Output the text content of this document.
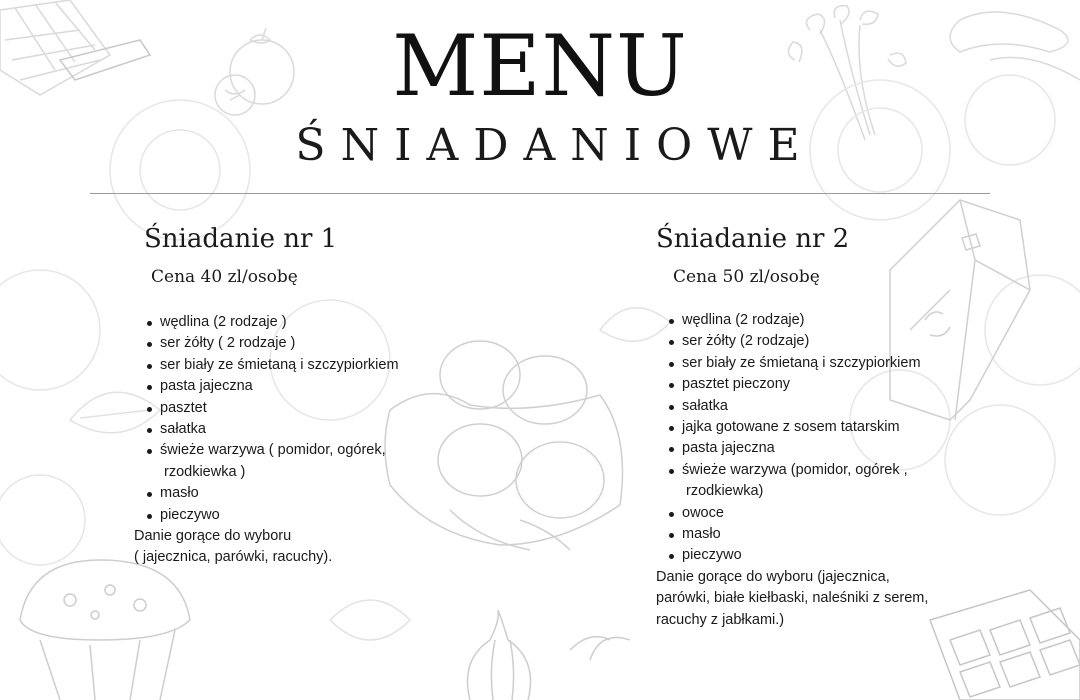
MENU
ŚNIADANIOWE
Śniadanie nr 1
Cena 40 zl/osobę
wędlina (2 rodzaje )
ser żółty ( 2 rodzaje )
ser biały ze śmietaną i szczypiorkiem
pasta jajeczna
pasztet
sałatka
świeże warzywa ( pomidor, ogórek,
rzodkiewka )
masło
pieczywo

Danie gorące do wyboru
( jajecznica, parówki, racuchy).

Śniadanie nr 2
Cena 50 zl/osobę
wędlina (2 rodzaje)
ser żółty (2 rodzaje)
ser biały ze śmietaną i szczypiorkiem
pasztet pieczony
sałatka
jajka gotowane z sosem tatarskim
pasta jajeczna
świeże warzywa (pomidor, ogórek ,
rzodkiewka)
owoce
masło
pieczywo

Danie gorące do wyboru (jajecznica,
parówki, białe kiełbaski, naleśniki z serem,
racuchy z jabłkami.)
